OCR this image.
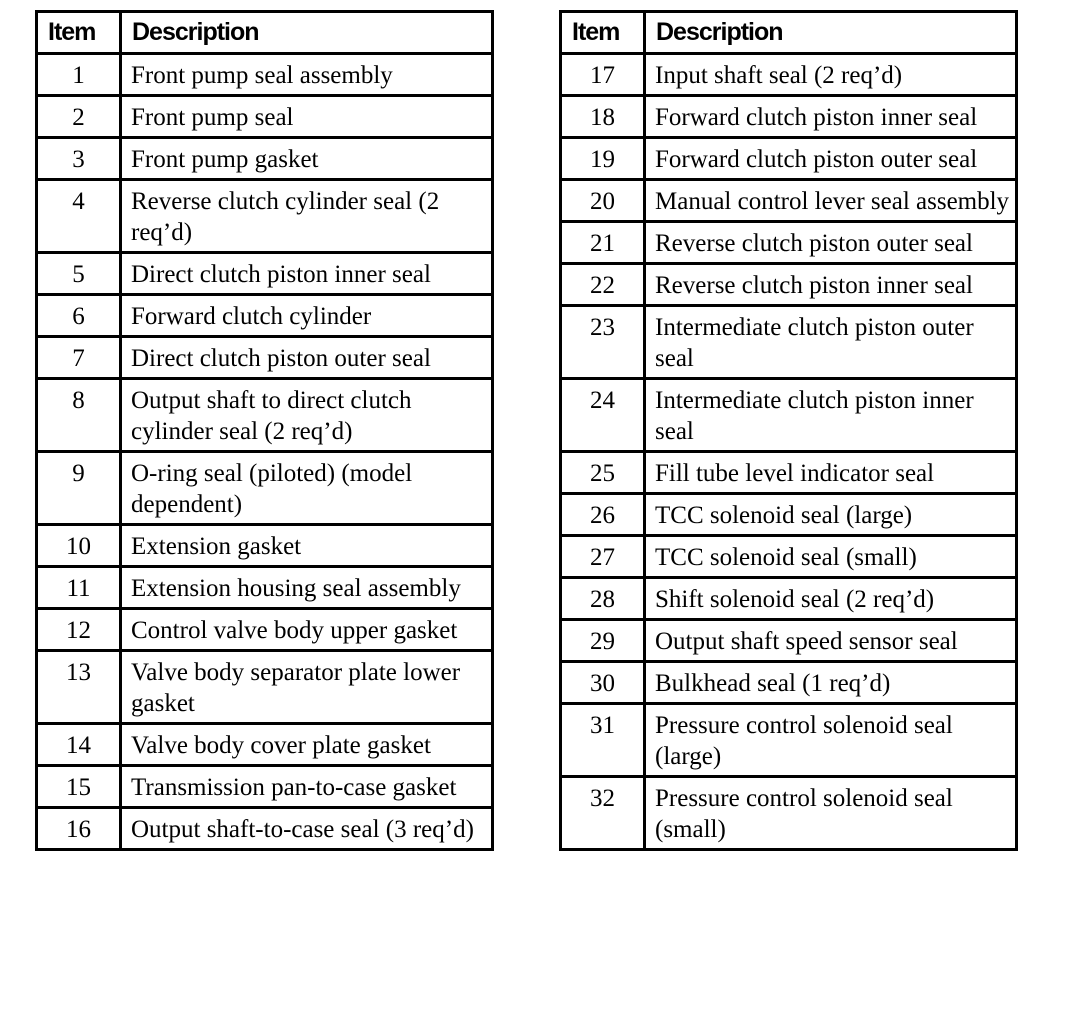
Item	Description
1	Front pump seal assembly
2	Front pump seal
3	Front pump gasket
4	Reverse clutch cylinder seal (2 req’d)
5	Direct clutch piston inner seal
6	Forward clutch cylinder
7	Direct clutch piston outer seal
8	Output shaft to direct clutch cylinder seal (2 req’d)
9	O-ring seal (piloted) (model dependent)
10	Extension gasket
11	Extension housing seal assembly
12	Control valve body upper gasket
13	Valve body separator plate lower gasket
14	Valve body cover plate gasket
15	Transmission pan-to-case gasket
16	Output shaft-to-case seal (3 req’d)
Item	Description
17	Input shaft seal (2 req’d)
18	Forward clutch piston inner seal
19	Forward clutch piston outer seal
20	Manual control lever seal assembly
21	Reverse clutch piston outer seal
22	Reverse clutch piston inner seal
23	Intermediate clutch piston outer seal
24	Intermediate clutch piston inner seal
25	Fill tube level indicator seal
26	TCC solenoid seal (large)
27	TCC solenoid seal (small)
28	Shift solenoid seal (2 req’d)
29	Output shaft speed sensor seal
30	Bulkhead seal (1 req’d)
31	Pressure control solenoid seal (large)
32	Pressure control solenoid seal (small)
